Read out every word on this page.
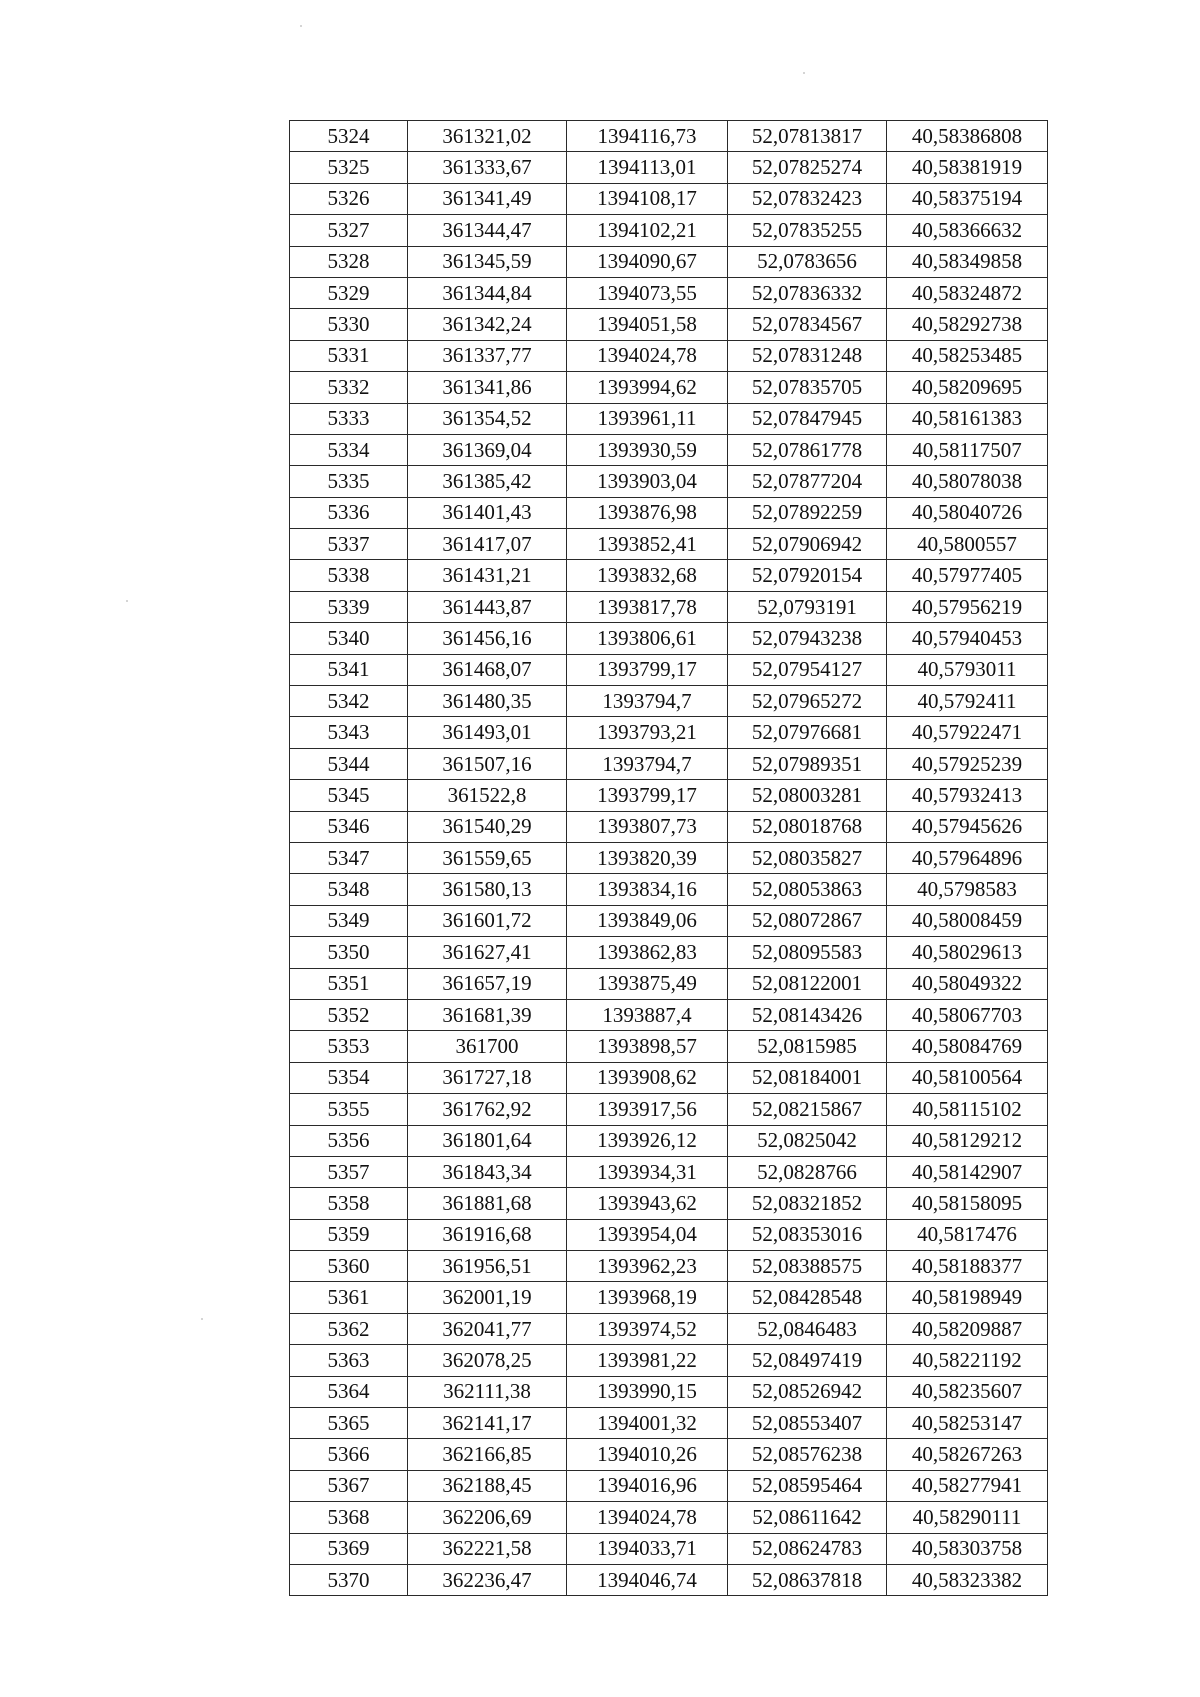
5324	361321,02	1394116,73	52,07813817	40,58386808
5325	361333,67	1394113,01	52,07825274	40,58381919
5326	361341,49	1394108,17	52,07832423	40,58375194
5327	361344,47	1394102,21	52,07835255	40,58366632
5328	361345,59	1394090,67	52,0783656	40,58349858
5329	361344,84	1394073,55	52,07836332	40,58324872
5330	361342,24	1394051,58	52,07834567	40,58292738
5331	361337,77	1394024,78	52,07831248	40,58253485
5332	361341,86	1393994,62	52,07835705	40,58209695
5333	361354,52	1393961,11	52,07847945	40,58161383
5334	361369,04	1393930,59	52,07861778	40,58117507
5335	361385,42	1393903,04	52,07877204	40,58078038
5336	361401,43	1393876,98	52,07892259	40,58040726
5337	361417,07	1393852,41	52,07906942	40,5800557
5338	361431,21	1393832,68	52,07920154	40,57977405
5339	361443,87	1393817,78	52,0793191	40,57956219
5340	361456,16	1393806,61	52,07943238	40,57940453
5341	361468,07	1393799,17	52,07954127	40,5793011
5342	361480,35	1393794,7	52,07965272	40,5792411
5343	361493,01	1393793,21	52,07976681	40,57922471
5344	361507,16	1393794,7	52,07989351	40,57925239
5345	361522,8	1393799,17	52,08003281	40,57932413
5346	361540,29	1393807,73	52,08018768	40,57945626
5347	361559,65	1393820,39	52,08035827	40,57964896
5348	361580,13	1393834,16	52,08053863	40,5798583
5349	361601,72	1393849,06	52,08072867	40,58008459
5350	361627,41	1393862,83	52,08095583	40,58029613
5351	361657,19	1393875,49	52,08122001	40,58049322
5352	361681,39	1393887,4	52,08143426	40,58067703
5353	361700	1393898,57	52,0815985	40,58084769
5354	361727,18	1393908,62	52,08184001	40,58100564
5355	361762,92	1393917,56	52,08215867	40,58115102
5356	361801,64	1393926,12	52,0825042	40,58129212
5357	361843,34	1393934,31	52,0828766	40,58142907
5358	361881,68	1393943,62	52,08321852	40,58158095
5359	361916,68	1393954,04	52,08353016	40,5817476
5360	361956,51	1393962,23	52,08388575	40,58188377
5361	362001,19	1393968,19	52,08428548	40,58198949
5362	362041,77	1393974,52	52,0846483	40,58209887
5363	362078,25	1393981,22	52,08497419	40,58221192
5364	362111,38	1393990,15	52,08526942	40,58235607
5365	362141,17	1394001,32	52,08553407	40,58253147
5366	362166,85	1394010,26	52,08576238	40,58267263
5367	362188,45	1394016,96	52,08595464	40,58277941
5368	362206,69	1394024,78	52,08611642	40,58290111
5369	362221,58	1394033,71	52,08624783	40,58303758
5370	362236,47	1394046,74	52,08637818	40,58323382
